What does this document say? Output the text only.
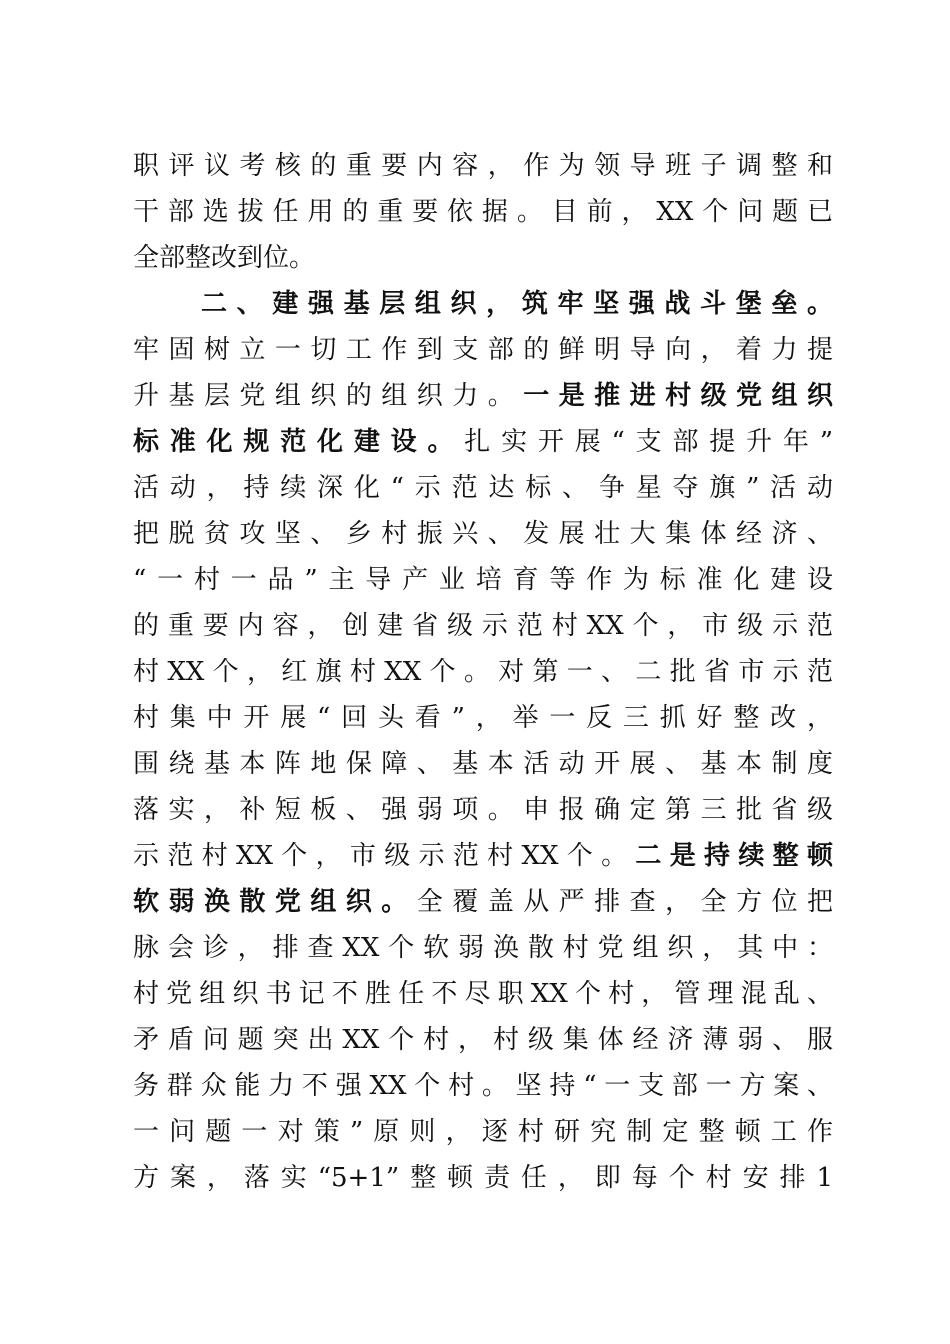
职评议考核的重要内容，作为领导班子调整和
干部选拔任用的重要依据。目前，XX个问题已
全部整改到位。
二、建强基层组织，筑牢坚强战斗堡垒。
牢固树立一切工作到支部的鲜明导向，着力提
升基层党组织的组织力。一是推进村级党组织
标准化规范化建设。扎实开展“支部提升年”
活动，持续深化“示范达标、争星夺旗”活动
把脱贫攻坚、乡村振兴、发展壮大集体经济、
“一村一品”主导产业培育等作为标准化建设
的重要内容，创建省级示范村XX个，市级示范
村XX个，红旗村XX个。对第一、二批省市示范
村集中开展“回头看”，举一反三抓好整改，
围绕基本阵地保障、基本活动开展、基本制度
落实，补短板、强弱项。申报确定第三批省级
示范村XX个，市级示范村XX个。二是持续整顿
软弱涣散党组织。全覆盖从严排查，全方位把
脉会诊，排查XX个软弱涣散村党组织，其中：
村党组织书记不胜任不尽职XX个村，管理混乱、
矛盾问题突出XX个村，村级集体经济薄弱、服
务群众能力不强XX个村。坚持“一支部一方案、
一问题一对策”原则，逐村研究制定整顿工作
方案，落实“5+1”整顿责任，即每个村安排1
